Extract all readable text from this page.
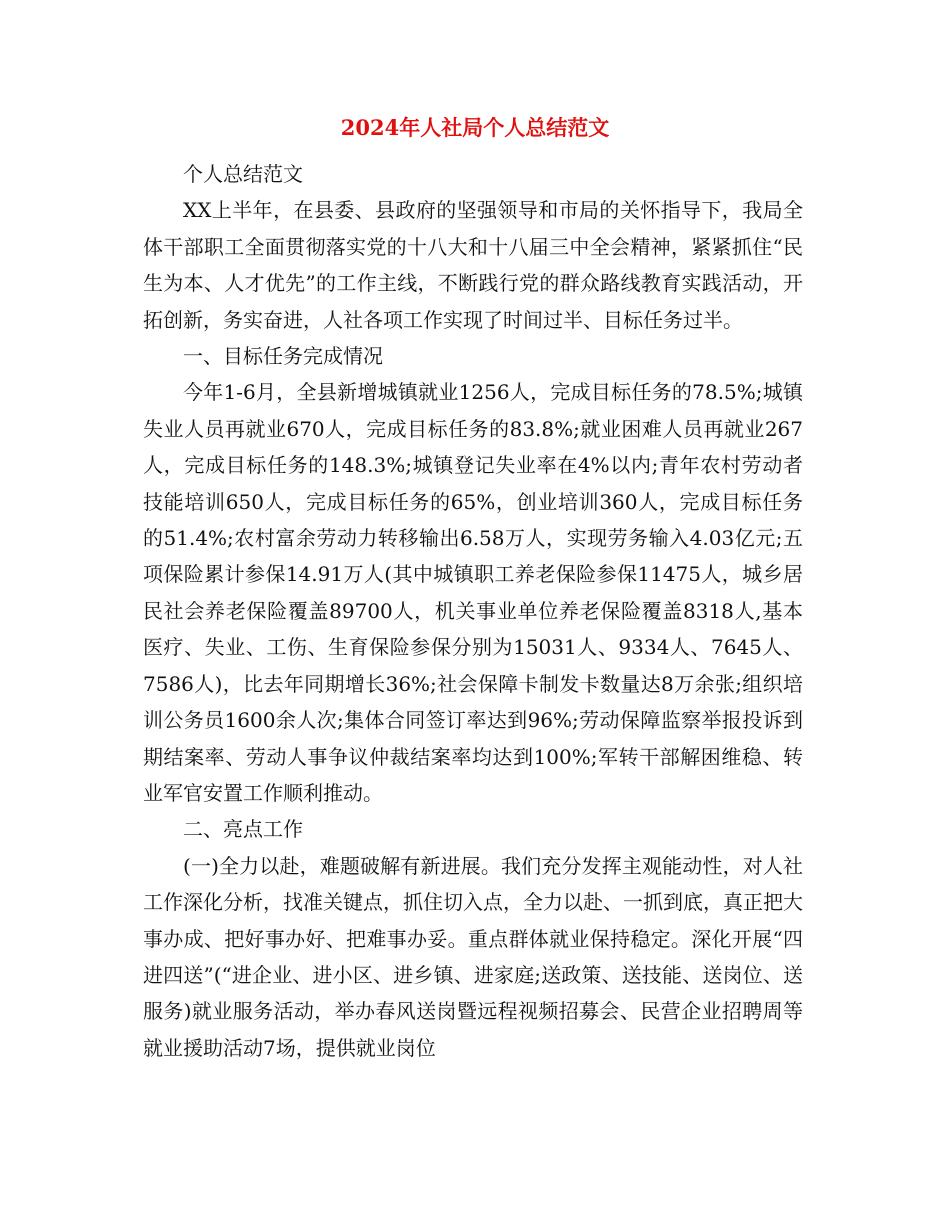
2024年人社局个人总结范文

个人总结范文

XX上半年，在县委、县政府的坚强领导和市局的关怀指导下，我局全体干部职工全面贯彻落实党的十八大和十八届三中全会精神，紧紧抓住“民生为本、人才优先”的工作主线，不断践行党的群众路线教育实践活动，开拓创新，务实奋进，人社各项工作实现了时间过半、目标任务过半。

一、目标任务完成情况

今年1-6月，全县新增城镇就业1256人，完成目标任务的78.5%;城镇失业人员再就业670人，完成目标任务的83.8%;就业困难人员再就业267人，完成目标任务的148.3%;城镇登记失业率在4%以内;青年农村劳动者技能培训650人，完成目标任务的65%，创业培训360人，完成目标任务的51.4%;农村富余劳动力转移输出6.58万人，实现劳务输入4.03亿元;五项保险累计参保14.91万人(其中城镇职工养老保险参保11475人，城乡居民社会养老保险覆盖89700人，机关事业单位养老保险覆盖8318人,基本医疗、失业、工伤、生育保险参保分别为15031人、9334人、7645人、7586人)，比去年同期增长36%;社会保障卡制发卡数量达8万余张;组织培训公务员1600余人次;集体合同签订率达到96%;劳动保障监察举报投诉到期结案率、劳动人事争议仲裁结案率均达到100%;军转干部解困维稳、转业军官安置工作顺利推动。

二、亮点工作

(一)全力以赴，难题破解有新进展。我们充分发挥主观能动性，对人社工作深化分析，找准关键点，抓住切入点，全力以赴、一抓到底，真正把大事办成、把好事办好、把难事办妥。重点群体就业保持稳定。深化开展“四进四送”(“进企业、进小区、进乡镇、进家庭;送政策、送技能、送岗位、送服务)就业服务活动，举办春风送岗暨远程视频招募会、民营企业招聘周等就业援助活动7场，提供就业岗位
